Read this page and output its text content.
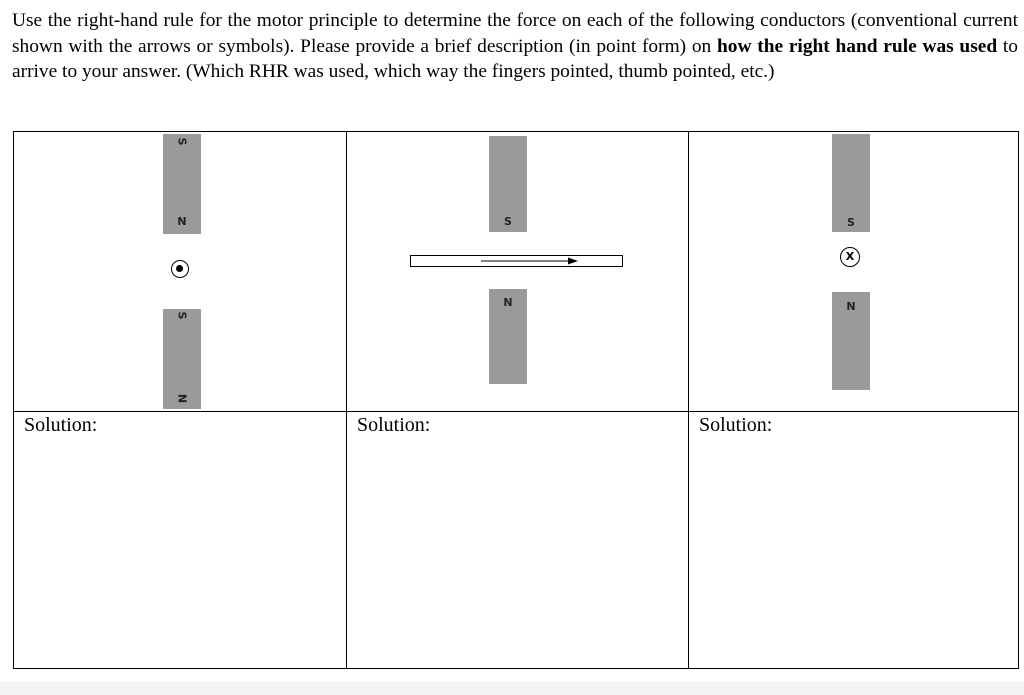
Use the right-hand rule for the motor principle to determine the force on each of the following conductors (conventional current shown with the arrows or symbols). Please provide a brief description (in point form) on how the right hand rule was used to arrive to your answer. (Which RHR was used, which way the fingers pointed, thumb pointed, etc.)

S
N
S
N
S
N
S
X
N
Solution:	Solution:	Solution:
